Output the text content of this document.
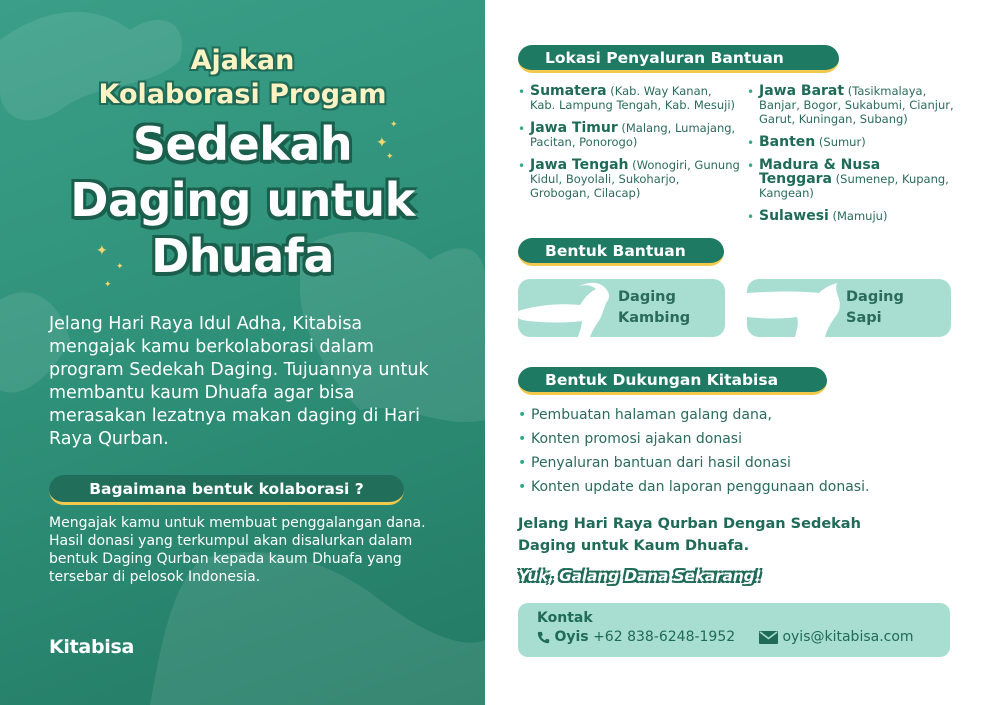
Ajakan
Kolaborasi Progam
Sedekah
Daging untuk
Dhuafa
✦
✦
✦
✦
✦
✦
Jelang Hari Raya Idul Adha, Kitabisa mengajak kamu berkolaborasi dalam program Sedekah Daging. Tujuannya untuk membantu kaum Dhuafa agar bisa merasakan lezatnya makan daging di Hari Raya Qurban.
Bagaimana bentuk kolaborasi ?
Mengajak kamu untuk membuat penggalangan dana. Hasil donasi yang terkumpul akan disalurkan dalam bentuk Daging Qurban kepada kaum Dhuafa yang tersebar di pelosok Indonesia.
Kitabisa
Lokasi Penyaluran Bantuan
• Sumatera (Kab. Way Kanan, Kab. Lampung Tengah, Kab. Mesuji)
• Jawa Timur (Malang, Lumajang, Pacitan, Ponorogo)
• Jawa Tengah (Wonogiri, Gunung Kidul, Boyolali, Sukoharjo, Grobogan, Cilacap)
• Jawa Barat (Tasikmalaya, Banjar, Bogor, Sukabumi, Cianjur, Garut, Kuningan, Subang)
• Banten (Sumur)
• Madura & Nusa Tenggara (Sumenep, Kupang, Kangean)
• Sulawesi (Mamuju)
Bentuk Bantuan
Daging
Kambing
Daging
Sapi
Bentuk Dukungan Kitabisa
• Pembuatan halaman galang dana,
• Konten promosi ajakan donasi
• Penyaluran bantuan dari hasil donasi
• Konten update dan laporan penggunaan donasi.
Jelang Hari Raya Qurban Dengan Sedekah
Daging untuk Kaum Dhuafa.
Yuk, Galang Dana Sekarang!
Kontak
Oyis +62 838-6248-1952	oyis@kitabisa.com
